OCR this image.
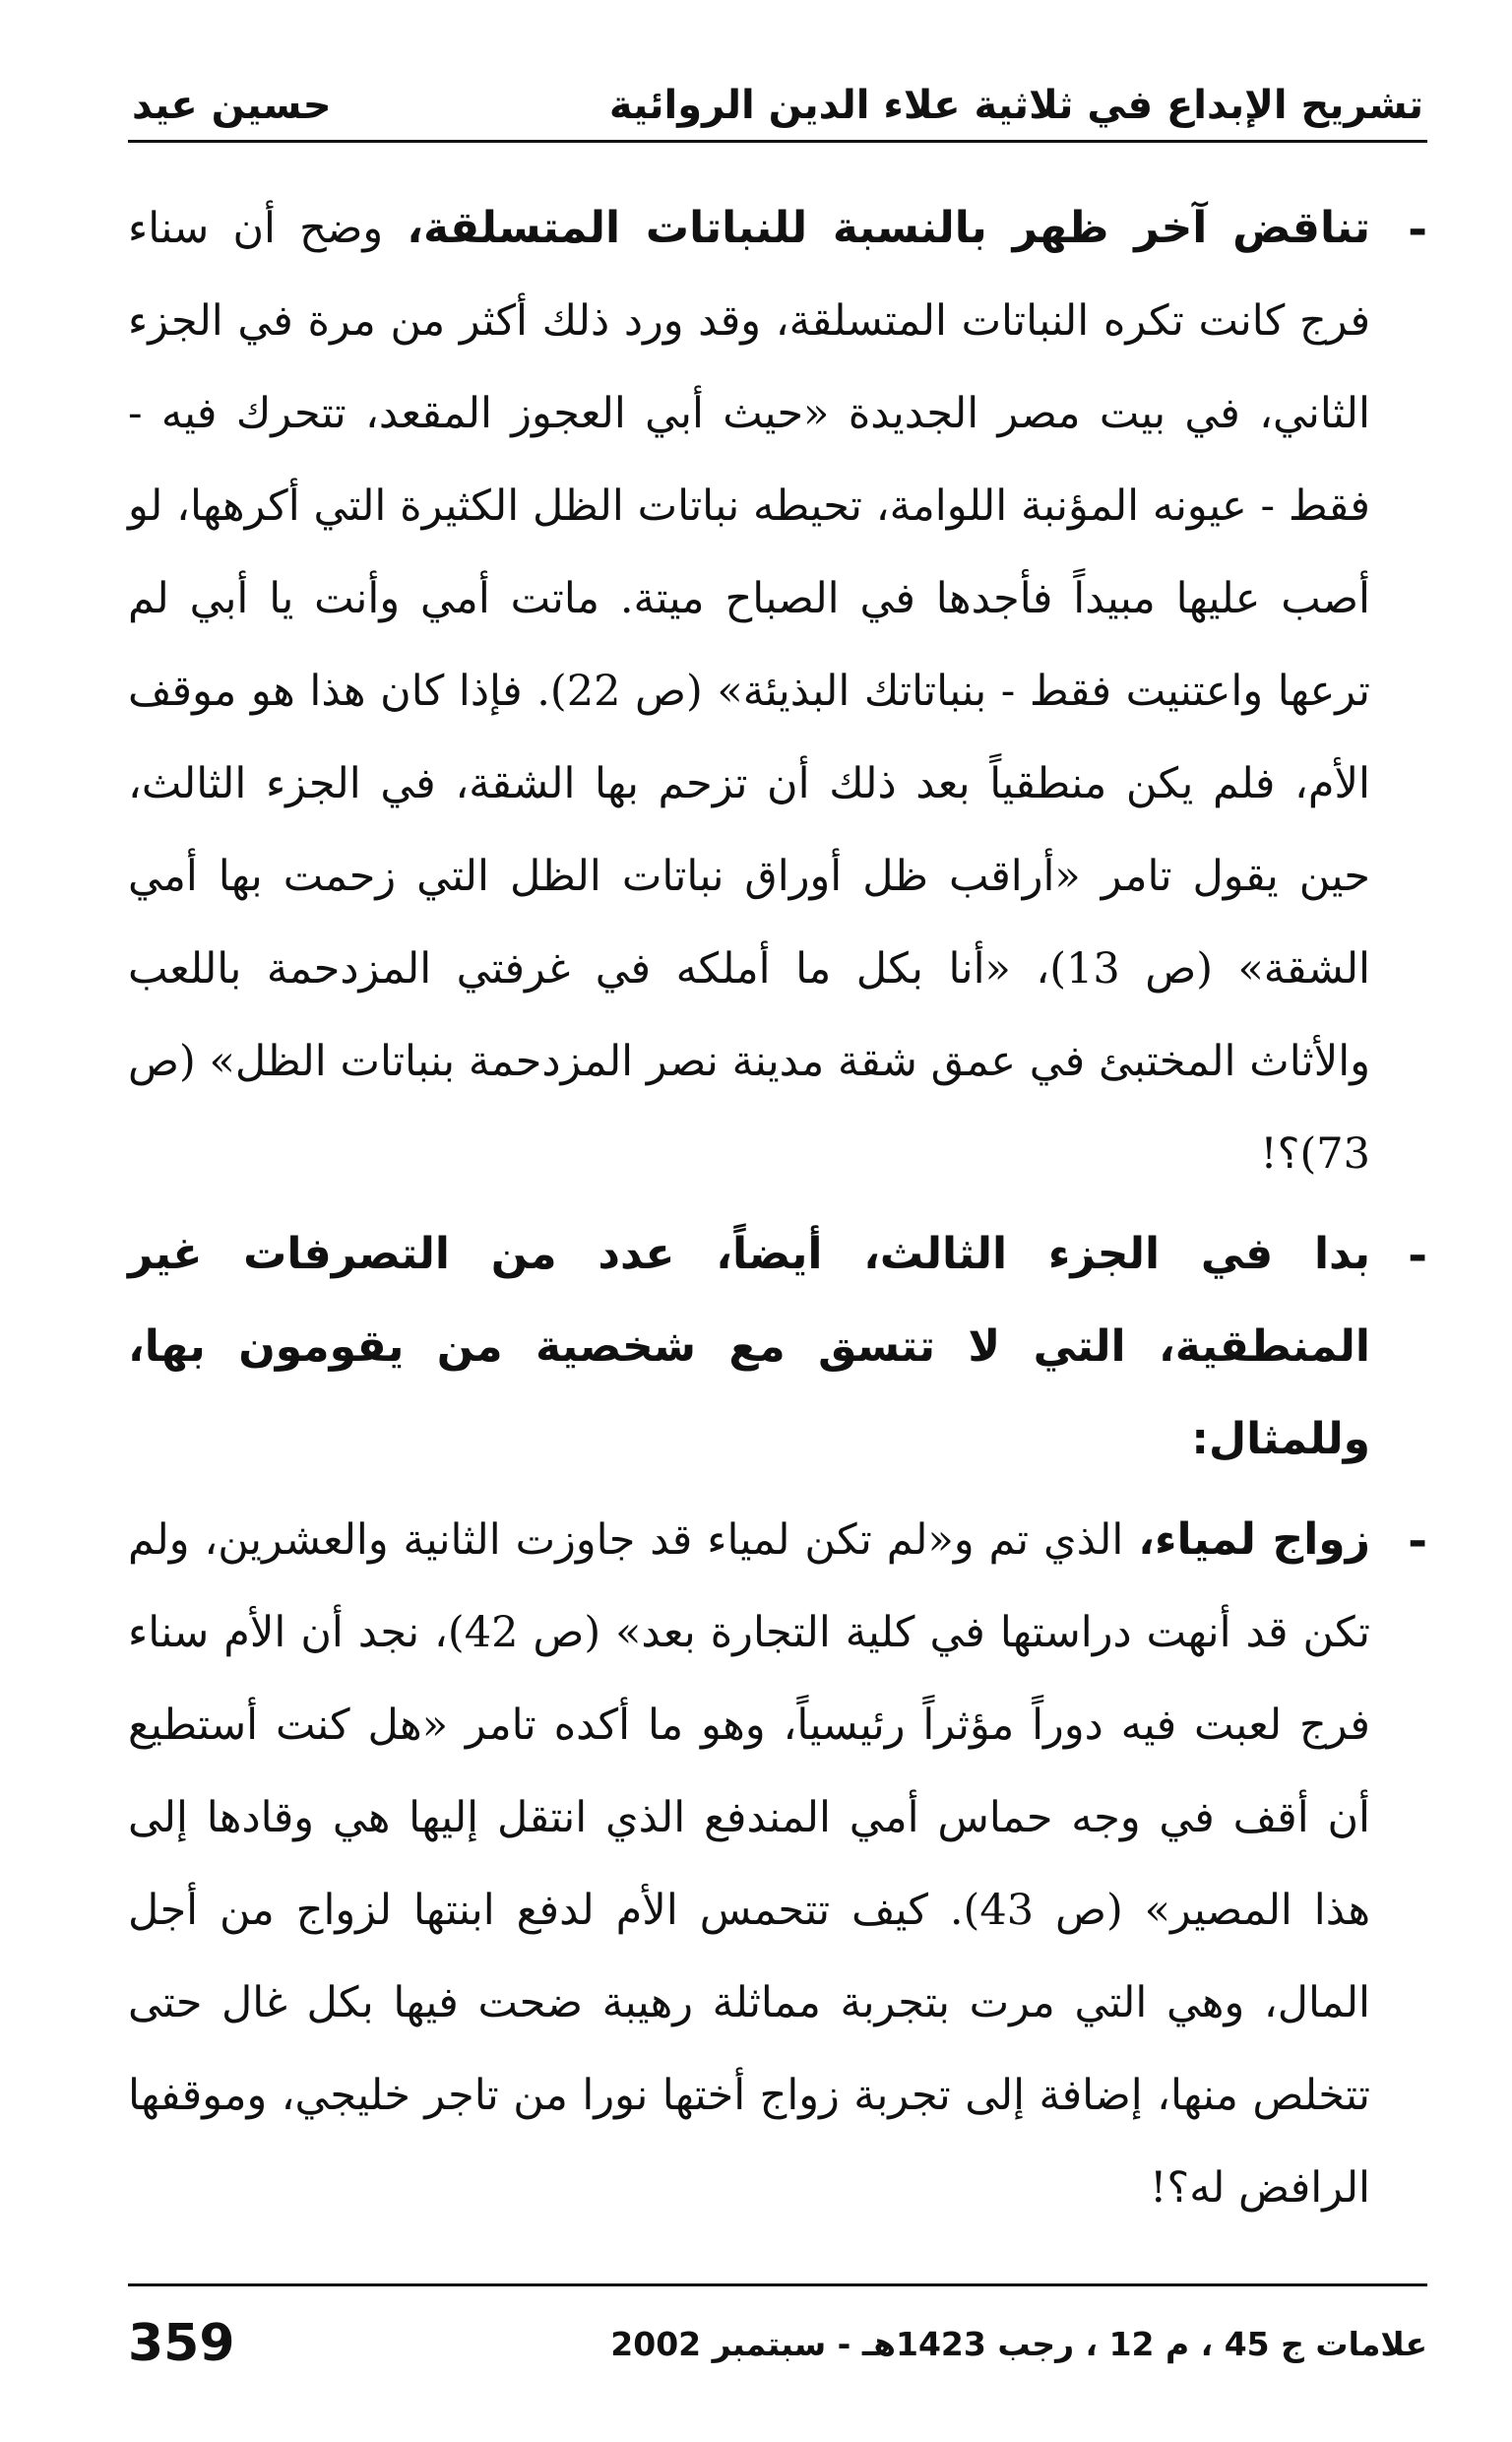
تشريح الإبداع في ثلاثية علاء الدين الروائية
حسين عيد

-
تناقض آخر ظهر بالنسبة للنباتات المتسلقة، وضح أن سناء فرج كانت تكره النباتات المتسلقة، وقد ورد ذلك أكثر من مرة في الجزء الثاني، في بيت مصر الجديدة «حيث أبي العجوز المقعد، تتحرك فيه - فقط - عيونه المؤنبة اللوامة، تحيطه نباتات الظل الكثيرة التي أكرهها، لو أصب عليها مبيداً فأجدها في الصباح ميتة. ماتت أمي وأنت يا أبي لم ترعها واعتنيت فقط - بنباتاتك البذيئة» (ص 22). فإذا كان هذا هو موقف الأم، فلم يكن منطقياً بعد ذلك أن تزحم بها الشقة، في الجزء الثالث، حين يقول تامر «أراقب ظل أوراق نباتات الظل التي زحمت بها أمي الشقة» (ص 13)، «أنا بكل ما أملكه في غرفتي المزدحمة باللعب والأثاث المختبئ في عمق شقة مدينة نصر المزدحمة بنباتات الظل» (ص 73)؟!

-
بدا في الجزء الثالث، أيضاً، عدد من التصرفات غير المنطقية، التي لا تتسق مع شخصية من يقومون بها، وللمثال:

-
زواج لمياء، الذي تم و«لم تكن لمياء قد جاوزت الثانية والعشرين، ولم تكن قد أنهت دراستها في كلية التجارة بعد» (ص 42)، نجد أن الأم سناء فرج لعبت فيه دوراً مؤثراً رئيسياً، وهو ما أكده تامر «هل كنت أستطيع أن أقف في وجه حماس أمي المندفع الذي انتقل إليها هي وقادها إلى هذا المصير» (ص 43). كيف تتحمس الأم لدفع ابنتها لزواج من أجل المال، وهي التي مرت بتجربة مماثلة رهيبة ضحت فيها بكل غال حتى تتخلص منها، إضافة إلى تجربة زواج أختها نورا من تاجر خليجي، وموقفها الرافض له؟!

علامات ج 45 ، م 12 ، رجب 1423هـ - سبتمبر 2002
359
